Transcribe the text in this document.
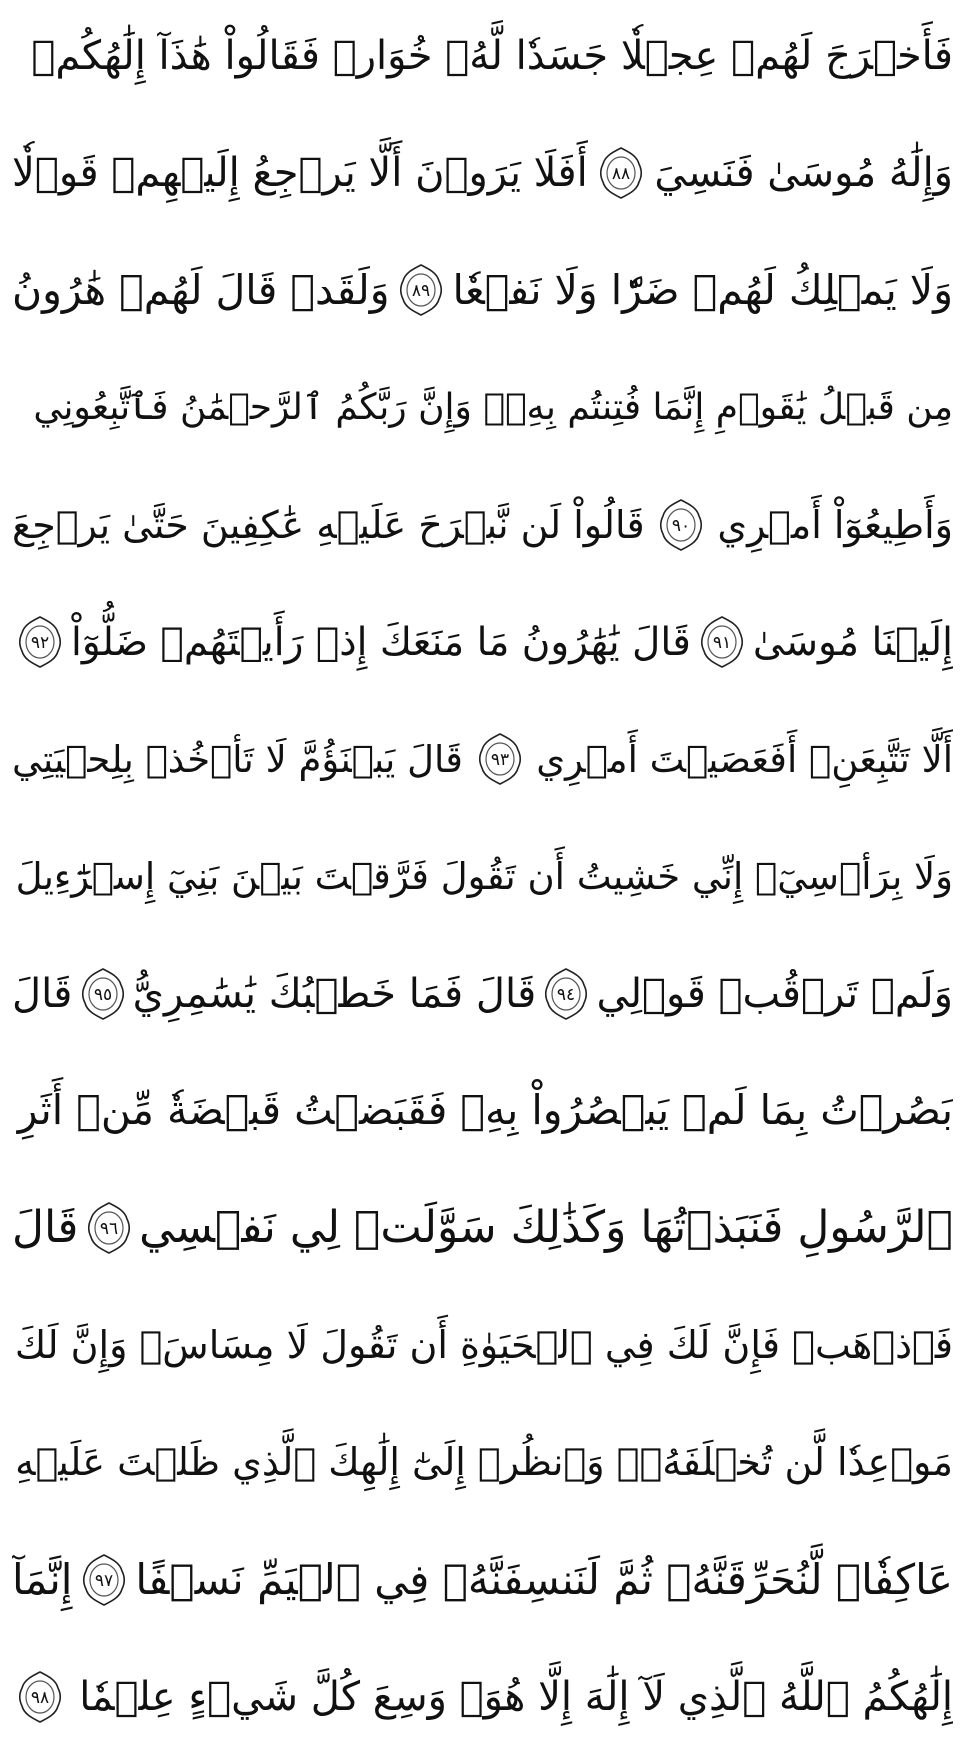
فَأَخۡرَجَ لَهُمۡ عِجۡلٗا جَسَدٗا لَّهُۥ خُوَارٞ فَقَالُواْ هَٰذَآ إِلَٰهُكُمۡ
وَإِلَٰهُ مُوسَىٰ فَنَسِيَ
٨٨
أَفَلَا يَرَوۡنَ أَلَّا يَرۡجِعُ إِلَيۡهِمۡ قَوۡلٗا
وَلَا يَمۡلِكُ لَهُمۡ ضَرّٗا وَلَا نَفۡعٗا
٨٩
وَلَقَدۡ قَالَ لَهُمۡ هَٰرُونُ
مِن قَبۡلُ يَٰقَوۡمِ إِنَّمَا فُتِنتُم بِهِۦۖ وَإِنَّ رَبَّكُمُ ٱلرَّحۡمَٰنُ فَٱتَّبِعُونِي
وَأَطِيعُوٓاْ أَمۡرِي
٩٠
قَالُواْ لَن نَّبۡرَحَ عَلَيۡهِ عَٰكِفِينَ حَتَّىٰ يَرۡجِعَ
إِلَيۡنَا مُوسَىٰ
٩١
قَالَ يَٰهَٰرُونُ مَا مَنَعَكَ إِذۡ رَأَيۡتَهُمۡ ضَلُّوٓاْ
٩٢
أَلَّا تَتَّبِعَنِۖ أَفَعَصَيۡتَ أَمۡرِي
٩٣
قَالَ يَبۡنَؤُمَّ لَا تَأۡخُذۡ بِلِحۡيَتِي
وَلَا بِرَأۡسِيٓۖ إِنِّي خَشِيتُ أَن تَقُولَ فَرَّقۡتَ بَيۡنَ بَنِيٓ إِسۡرَٰٓءِيلَ
وَلَمۡ تَرۡقُبۡ قَوۡلِي
٩٤
قَالَ فَمَا خَطۡبُكَ يَٰسَٰمِرِيُّ
٩٥
قَالَ
بَصُرۡتُ بِمَا لَمۡ يَبۡصُرُواْ بِهِۦ فَقَبَضۡتُ قَبۡضَةٗ مِّنۡ أَثَرِ
ٱلرَّسُولِ فَنَبَذۡتُهَا وَكَذَٰلِكَ سَوَّلَتۡ لِي نَفۡسِي
٩٦
قَالَ
فَٱذۡهَبۡ فَإِنَّ لَكَ فِي ٱلۡحَيَوٰةِ أَن تَقُولَ لَا مِسَاسَۖ وَإِنَّ لَكَ
مَوۡعِدٗا لَّن تُخۡلَفَهُۥۖ وَٱنظُرۡ إِلَىٰٓ إِلَٰهِكَ ٱلَّذِي ظَلۡتَ عَلَيۡهِ
عَاكِفٗاۖ لَّنُحَرِّقَنَّهُۥ ثُمَّ لَنَنسِفَنَّهُۥ فِي ٱلۡيَمِّ نَسۡفًا
٩٧
إِنَّمَآ
إِلَٰهُكُمُ ٱللَّهُ ٱلَّذِي لَآ إِلَٰهَ إِلَّا هُوَۚ وَسِعَ كُلَّ شَيۡءٍ عِلۡمٗا
٩٨
